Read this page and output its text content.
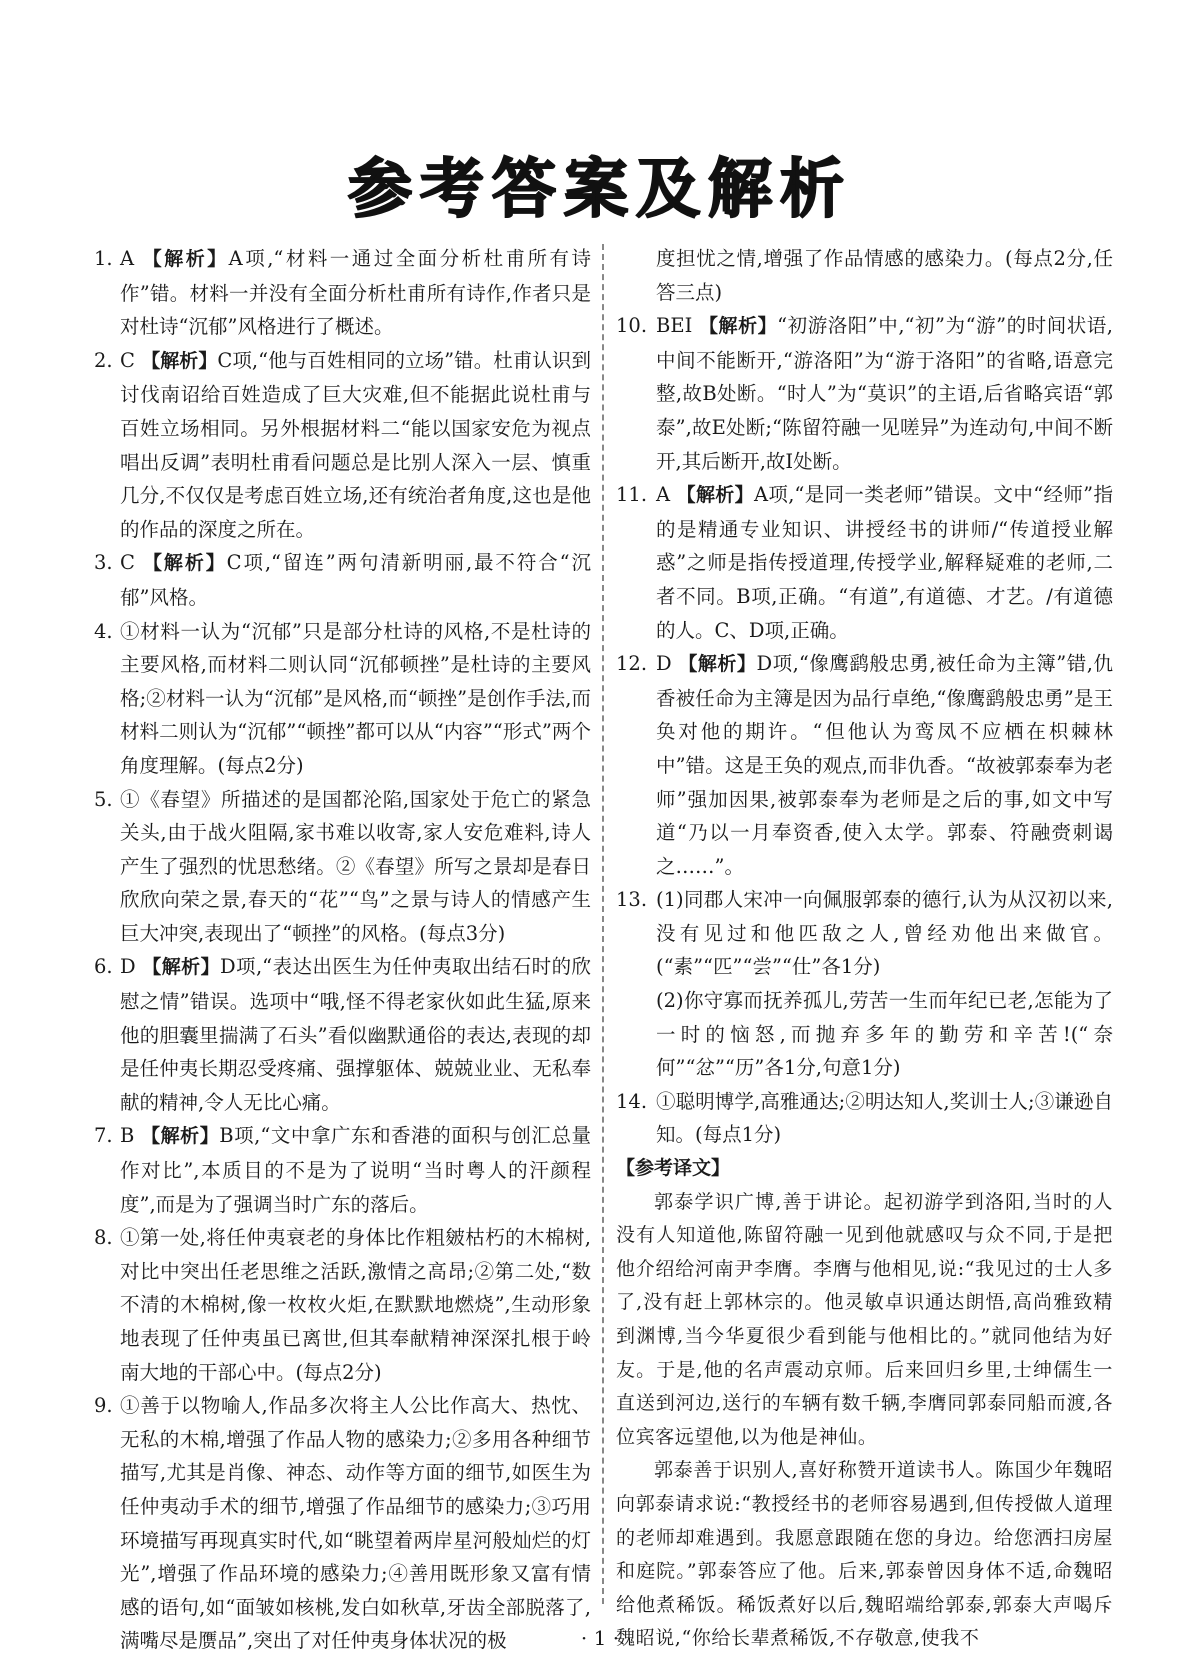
参考答案及解析
1. A 【解析】A项,“材料一通过全面分析杜甫所有诗作”错。材料一并没有全面分析杜甫所有诗作,作者只是对杜诗“沉郁”风格进行了概述。
2. C 【解析】C项,“他与百姓相同的立场”错。杜甫认识到讨伐南诏给百姓造成了巨大灾难,但不能据此说杜甫与百姓立场相同。另外根据材料二“能以国家安危为视点唱出反调”表明杜甫看问题总是比别人深入一层、慎重几分,不仅仅是考虑百姓立场,还有统治者角度,这也是他的作品的深度之所在。
3. C 【解析】C项,“留连”两句清新明丽,最不符合“沉郁”风格。
4. ①材料一认为“沉郁”只是部分杜诗的风格,不是杜诗的主要风格,而材料二则认同“沉郁顿挫”是杜诗的主要风格;②材料一认为“沉郁”是风格,而“顿挫”是创作手法,而材料二则认为“沉郁”“顿挫”都可以从“内容”“形式”两个角度理解。(每点2分)
5. ①《春望》所描述的是国都沦陷,国家处于危亡的紧急关头,由于战火阻隔,家书难以收寄,家人安危难料,诗人产生了强烈的忧思愁绪。②《春望》所写之景却是春日欣欣向荣之景,春天的“花”“鸟”之景与诗人的情感产生巨大冲突,表现出了“顿挫”的风格。(每点3分)
6. D 【解析】D项,“表达出医生为任仲夷取出结石时的欣慰之情”错误。选项中“哦,怪不得老家伙如此生猛,原来他的胆囊里揣满了石头”看似幽默通俗的表达,表现的却是任仲夷长期忍受疼痛、强撑躯体、兢兢业业、无私奉献的精神,令人无比心痛。
7. B 【解析】B项,“文中拿广东和香港的面积与创汇总量作对比”,本质目的不是为了说明“当时粤人的汗颜程度”,而是为了强调当时广东的落后。
8. ①第一处,将任仲夷衰老的身体比作粗皴枯朽的木棉树,对比中突出任老思维之活跃,激情之高昂;②第二处,“数不清的木棉树,像一枚枚火炬,在默默地燃烧”,生动形象地表现了任仲夷虽已离世,但其奉献精神深深扎根于岭南大地的干部心中。(每点2分)
9. ①善于以物喻人,作品多次将主人公比作高大、热忱、无私的木棉,增强了作品人物的感染力;②多用各种细节描写,尤其是肖像、神态、动作等方面的细节,如医生为任仲夷动手术的细节,增强了作品细节的感染力;③巧用环境描写再现真实时代,如“眺望着两岸星河般灿烂的灯光”,增强了作品环境的感染力;④善用既形象又富有情感的语句,如“面皱如核桃,发白如秋草,牙齿全部脱落了,满嘴尽是赝品”,突出了对任仲夷身体状况的极

度担忧之情,增强了作品情感的感染力。(每点2分,任答三点)

10. BEI 【解析】“初游洛阳”中,“初”为“游”的时间状语,中间不能断开,“游洛阳”为“游于洛阳”的省略,语意完整,故B处断。“时人”为“莫识”的主语,后省略宾语“郭泰”,故E处断;“陈留符融一见嗟异”为连动句,中间不断开,其后断开,故I处断。
11. A 【解析】A项,“是同一类老师”错误。文中“经师”指的是精通专业知识、讲授经书的讲师/“传道授业解惑”之师是指传授道理,传授学业,解释疑难的老师,二者不同。B项,正确。“有道”,有道德、才艺。/有道德的人。C、D项,正确。
12. D 【解析】D项,“像鹰鹞般忠勇,被任命为主簿”错,仇香被任命为主簿是因为品行卓绝,“像鹰鹞般忠勇”是王奂对他的期许。“但他认为鸾凤不应栖在枳棘林中”错。这是王奂的观点,而非仇香。“故被郭泰奉为老师”强加因果,被郭泰奉为老师是之后的事,如文中写道“乃以一月奉资香,使入太学。郭泰、符融赍刺谒之……”。
13. (1)同郡人宋冲一向佩服郭泰的德行,认为从汉初以来,没有见过和他匹敌之人,曾经劝他出来做官。(“素”“匹”“尝”“仕”各1分)

(2)你守寡而抚养孤儿,劳苦一生而年纪已老,怎能为了一时的恼怒,而抛弃多年的勤劳和辛苦!(“奈何”“忿”“历”各1分,句意1分)

14. ①聪明博学,高雅通达;②明达知人,奖训士人;③谦逊自知。(每点1分)

【参考译文】

郭泰学识广博,善于讲论。起初游学到洛阳,当时的人没有人知道他,陈留符融一见到他就感叹与众不同,于是把他介绍给河南尹李膺。李膺与他相见,说:“我见过的士人多了,没有赶上郭林宗的。他灵敏卓识通达朗悟,高尚雅致精到渊博,当今华夏很少看到能与他相比的。”就同他结为好友。于是,他的名声震动京师。后来回归乡里,士绅儒生一直送到河边,送行的车辆有数千辆,李膺同郭泰同船而渡,各位宾客远望他,以为他是神仙。

郭泰善于识别人,喜好称赞开道读书人。陈国少年魏昭向郭泰请求说:“教授经书的老师容易遇到,但传授做人道理的老师却难遇到。我愿意跟随在您的身边。给您洒扫房屋和庭院。”郭泰答应了他。后来,郭泰曾因身体不适,命魏昭给他煮稀饭。稀饭煮好以后,魏昭端给郭泰,郭泰大声喝斥魏昭说,“你给长辈煮稀饭,不存敬意,使我不

· 1 ·
